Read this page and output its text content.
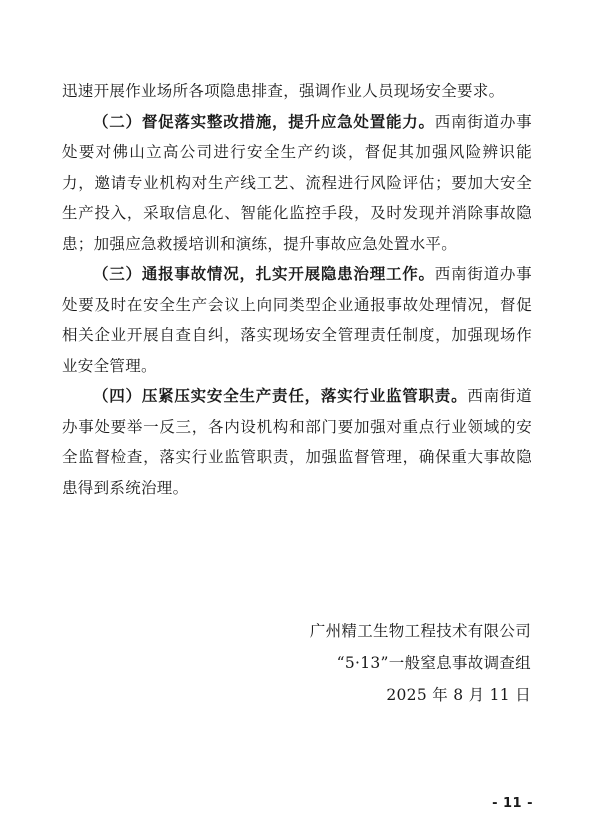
迅速开展作业场所各项隐患排查，强调作业人员现场安全要求。

（二）督促落实整改措施，提升应急处置能力。西南街道办事处要对佛山立高公司进行安全生产约谈，督促其加强风险辨识能力，邀请专业机构对生产线工艺、流程进行风险评估；要加大安全生产投入，采取信息化、智能化监控手段，及时发现并消除事故隐患；加强应急救援培训和演练，提升事故应急处置水平。

（三）通报事故情况，扎实开展隐患治理工作。西南街道办事处要及时在安全生产会议上向同类型企业通报事故处理情况，督促相关企业开展自查自纠，落实现场安全管理责任制度，加强现场作业安全管理。

（四）压紧压实安全生产责任，落实行业监管职责。西南街道办事处要举一反三，各内设机构和部门要加强对重点行业领域的安全监督检查，落实行业监管职责，加强监督管理，确保重大事故隐患得到系统治理。

广州精工生物工程技术有限公司
“5·13”一般窒息事故调查组
2025 年 8 月 11 日
- 11 -
